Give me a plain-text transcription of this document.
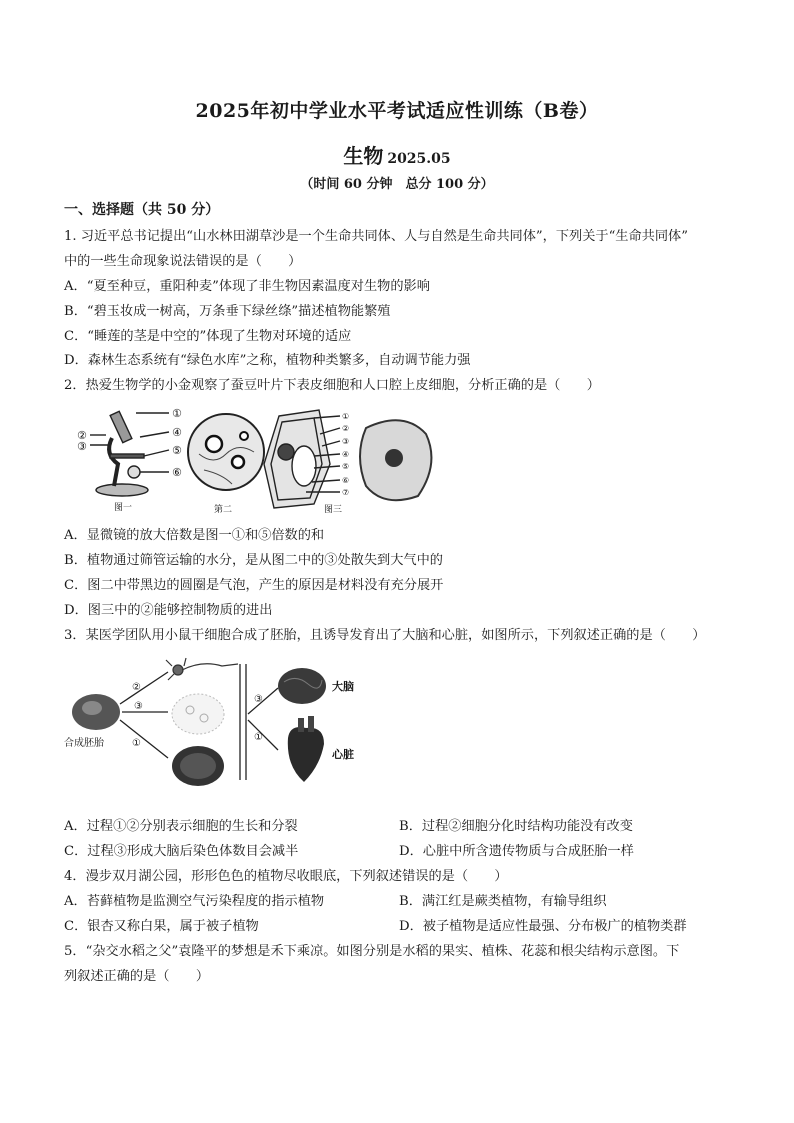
2025年初中学业水平考试适应性训练（B卷）
生物 2025.05
（时间 60 分钟　总分 100 分）
一、选择题（共 50 分）
1. 习近平总书记提出“山水林田湖草沙是一个生命共同体、人与自然是生命共同体”，下列关于“生命共同体”
中的一些生命现象说法错误的是（　　）
A．“夏至种豆，重阳种麦”体现了非生物因素温度对生物的影响
B．“碧玉妆成一树高，万条垂下绿丝绦”描述植物能繁殖
C．“睡莲的茎是中空的”体现了生物对环境的适应
D．森林生态系统有“绿色水库”之称，植物种类繁多，自动调节能力强
2．热爱生物学的小金观察了蚕豆叶片下表皮细胞和人口腔上皮细胞，分析正确的是（　　）
①
②
③
④
⑤
⑥
图一	第二
①
②
③
④
⑤
⑥
⑦
图三
A．显微镜的放大倍数是图一①和⑤倍数的和
B．植物通过筛管运输的水分，是从图二中的③处散失到大气中的
C．图二中带黑边的圆圈是气泡，产生的原因是材料没有充分展开
D．图三中的②能够控制物质的进出
3．某医学团队用小鼠干细胞合成了胚胎，且诱导发育出了大脑和心脏，如图所示，下列叙述正确的是（　　）
合成胚胎
②
③
①
③
①
大脑
心脏
A．过程①②分别表示细胞的生长和分裂	B．过程②细胞分化时结构功能没有改变
C．过程③形成大脑后染色体数目会减半	D．心脏中所含遗传物质与合成胚胎一样
4．漫步双月湖公园，形形色色的植物尽收眼底，下列叙述错误的是（　　）
A．苔藓植物是监测空气污染程度的指示植物	B．满江红是蕨类植物，有输导组织
C．银杏又称白果，属于被子植物	D．被子植物是适应性最强、分布极广的植物类群
5．“杂交水稻之父”袁隆平的梦想是禾下乘凉。如图分别是水稻的果实、植株、花蕊和根尖结构示意图。下
列叙述正确的是（　　）
